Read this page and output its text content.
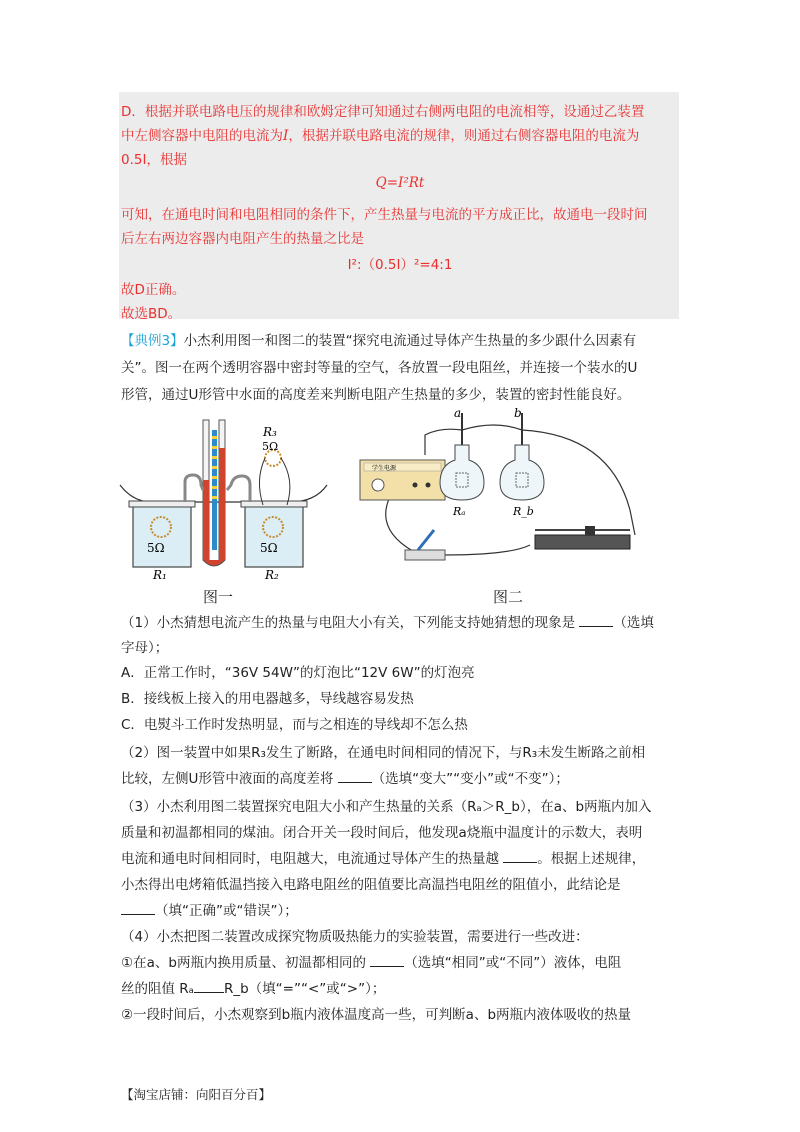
D．根据并联电路电压的规律和欧姆定律可知通过右侧两电阻的电流相等，设通过乙装置
中左侧容器中电阻的电流为I，根据并联电路电流的规律，则通过右侧容器电阻的电流为
0.5I，根据
Q=I²Rt
可知，在通电时间和电阻相同的条件下，产生热量与电流的平方成正比，故通电一段时间
后左右两边容器内电阻产生的热量之比是
I²:（0.5I）²=4:1
故D正确。
故选BD。
【典例3】小杰利用图一和图二的装置“探究电流通过导体产生热量的多少跟什么因素有
关”。图一在两个透明容器中密封等量的空气，各放置一段电阻丝，并连接一个装水的U
形管，通过U形管中水面的高度差来判断电阻产生热量的多少，装置的密封性能良好。
5Ω
R₁
5Ω
R₂
R₃
5Ω
图一
学生电源
a
Rₐ
b
R_b
图二
（1）小杰猜想电流产生的热量与电阻大小有关，下列能支持她猜想的现象是	（选填
字母）；
A．正常工作时，“36V 54W”的灯泡比“12V 6W”的灯泡亮
B．接线板上接入的用电器越多，导线越容易发热
C．电熨斗工作时发热明显，而与之相连的导线却不怎么热
（2）图一装置中如果R₃发生了断路，在通电时间相同的情况下，与R₃未发生断路之前相
比较，左侧U形管中液面的高度差将	（选填“变大”“变小”或“不变”）；
（3）小杰利用图二装置探究电阻大小和产生热量的关系（Rₐ＞R_b），在a、b两瓶内加入
质量和初温都相同的煤油。闭合开关一段时间后，他发现a烧瓶中温度计的示数大，表明
电流和通电时间相同时，电阻越大，电流通过导体产生的热量越	。根据上述规律，
小杰得出电烤箱低温挡接入电路电阻丝的阻值要比高温挡电阻丝的阻值小，此结论是
（填“正确”或“错误”）；
（4）小杰把图二装置改成探究物质吸热能力的实验装置，需要进行一些改进：
①在a、b两瓶内换用质量、初温都相同的	（选填“相同”或“不同”）液体，电阻
丝的阻值 Rₐ R_b（填“=”“<”或“>”）；
②一段时间后，小杰观察到b瓶内液体温度高一些，可判断a、b两瓶内液体吸收的热量
【淘宝店铺：向阳百分百】
